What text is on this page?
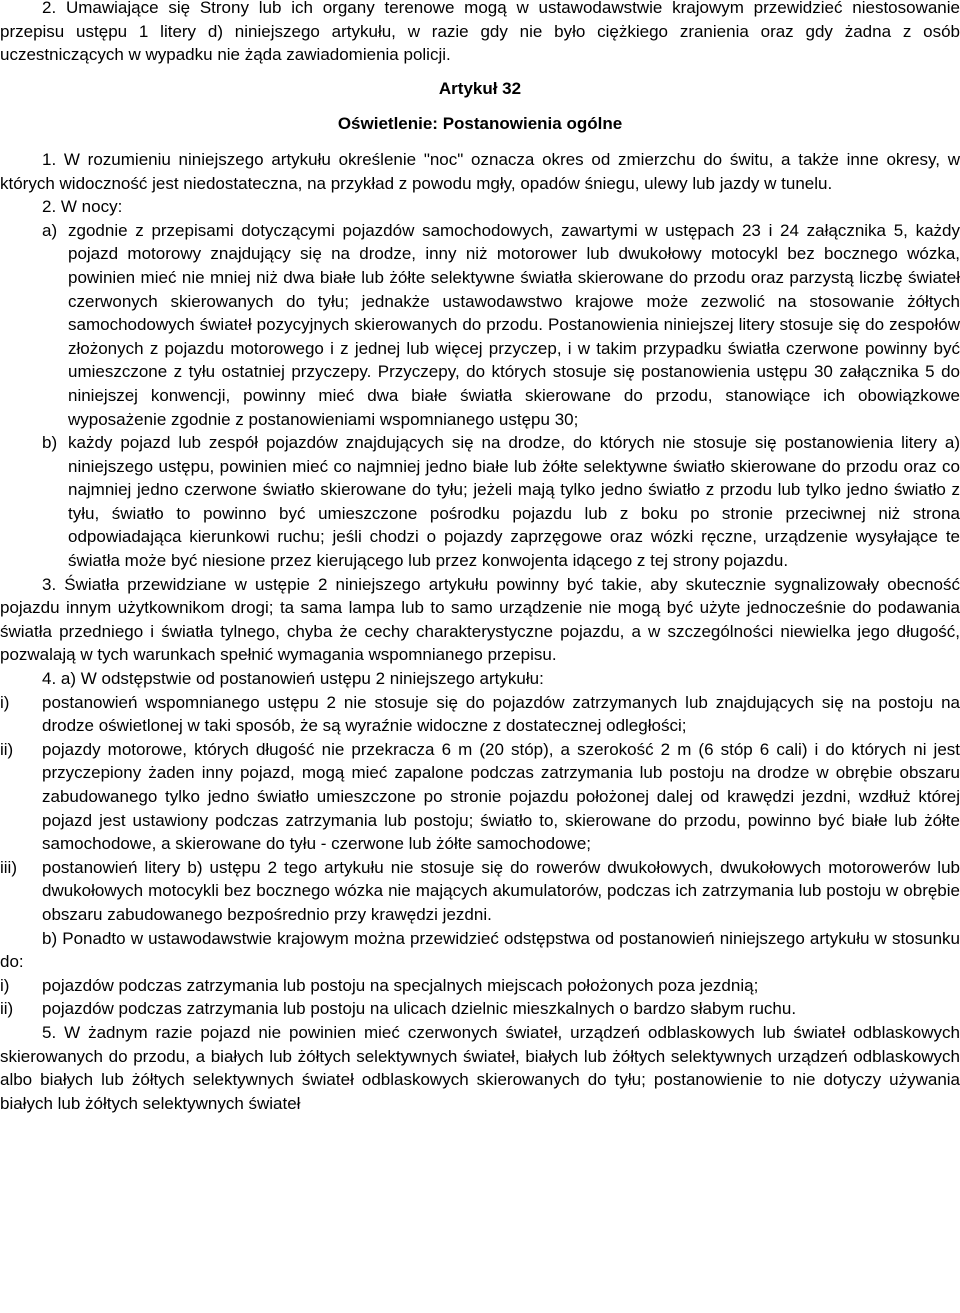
2. Umawiające się Strony lub ich organy terenowe mogą w ustawodawstwie krajowym przewidzieć niestosowanie przepisu ustępu 1 litery d) niniejszego artykułu, w razie gdy nie było ciężkiego zranienia oraz gdy żadna z osób uczestniczących w wypadku nie żąda zawiadomienia policji.

Artykuł 32

Oświetlenie: Postanowienia ogólne

1. W rozumieniu niniejszego artykułu określenie "noc" oznacza okres od zmierzchu do świtu, a także inne okresy, w których widoczność jest niedostateczna, na przykład z powodu mgły, opadów śniegu, ulewy lub jazdy w tunelu.

2. W nocy:

a) zgodnie z przepisami dotyczącymi pojazdów samochodowych, zawartymi w ustępach 23 i 24 załącznika 5, każdy pojazd motorowy znajdujący się na drodze, inny niż motorower lub dwukołowy motocykl bez bocznego wózka, powinien mieć nie mniej niż dwa białe lub żółte selektywne światła skierowane do przodu oraz parzystą liczbę świateł czerwonych skierowanych do tyłu; jednakże ustawodawstwo krajowe może zezwolić na stosowanie żółtych samochodowych świateł pozycyjnych skierowanych do przodu. Postanowienia niniejszej litery stosuje się do zespołów złożonych z pojazdu motorowego i z jednej lub więcej przyczep, i w takim przypadku światła czerwone powinny być umieszczone z tyłu ostatniej przyczepy. Przyczepy, do których stosuje się postanowienia ustępu 30 załącznika 5 do niniejszej konwencji, powinny mieć dwa białe światła skierowane do przodu, stanowiące ich obowiązkowe wyposażenie zgodnie z postanowieniami wspomnianego ustępu 30;
b) każdy pojazd lub zespół pojazdów znajdujących się na drodze, do których nie stosuje się postanowienia litery a) niniejszego ustępu, powinien mieć co najmniej jedno białe lub żółte selektywne światło skierowane do przodu oraz co najmniej jedno czerwone światło skierowane do tyłu; jeżeli mają tylko jedno światło z przodu lub tylko jedno światło z tyłu, światło to powinno być umieszczone pośrodku pojazdu lub z boku po stronie przeciwnej niż strona odpowiadająca kierunkowi ruchu; jeśli chodzi o pojazdy zaprzęgowe oraz wózki ręczne, urządzenie wysyłające te światła może być niesione przez kierującego lub przez konwojenta idącego z tej strony pojazdu.

3. Światła przewidziane w ustępie 2 niniejszego artykułu powinny być takie, aby skutecznie sygnalizowały obecność pojazdu innym użytkownikom drogi; ta sama lampa lub to samo urządzenie nie mogą być użyte jednocześnie do podawania światła przedniego i światła tylnego, chyba że cechy charakterystyczne pojazdu, a w szczególności niewielka jego długość, pozwalają w tych warunkach spełnić wymagania wspomnianego przepisu.

4. a) W odstępstwie od postanowień ustępu 2 niniejszego artykułu:

i) postanowień wspomnianego ustępu 2 nie stosuje się do pojazdów zatrzymanych lub znajdujących się na postoju na drodze oświetlonej w taki sposób, że są wyraźnie widoczne z dostatecznej odległości;
ii) pojazdy motorowe, których długość nie przekracza 6 m (20 stóp), a szerokość 2 m (6 stóp 6 cali) i do których ni jest przyczepiony żaden inny pojazd, mogą mieć zapalone podczas zatrzymania lub postoju na drodze w obrębie obszaru zabudowanego tylko jedno światło umieszczone po stronie pojazdu położonej dalej od krawędzi jezdni, wzdłuż której pojazd jest ustawiony podczas zatrzymania lub postoju; światło to, skierowane do przodu, powinno być białe lub żółte samochodowe, a skierowane do tyłu - czerwone lub żółte samochodowe;
iii) postanowień litery b) ustępu 2 tego artykułu nie stosuje się do rowerów dwukołowych, dwukołowych motorowerów lub dwukołowych motocykli bez bocznego wózka nie mających akumulatorów, podczas ich zatrzymania lub postoju w obrębie obszaru zabudowanego bezpośrednio przy krawędzi jezdni.

b) Ponadto w ustawodawstwie krajowym można przewidzieć odstępstwa od postanowień niniejszego artykułu w stosunku do:

i) pojazdów podczas zatrzymania lub postoju na specjalnych miejscach położonych poza jezdnią;
ii) pojazdów podczas zatrzymania lub postoju na ulicach dzielnic mieszkalnych o bardzo słabym ruchu.

5. W żadnym razie pojazd nie powinien mieć czerwonych świateł, urządzeń odblaskowych lub świateł odblaskowych skierowanych do przodu, a białych lub żółtych selektywnych świateł, białych lub żółtych selektywnych urządzeń odblaskowych albo białych lub żółtych selektywnych świateł odblaskowych skierowanych do tyłu; postanowienie to nie dotyczy używania białych lub żółtych selektywnych świateł
